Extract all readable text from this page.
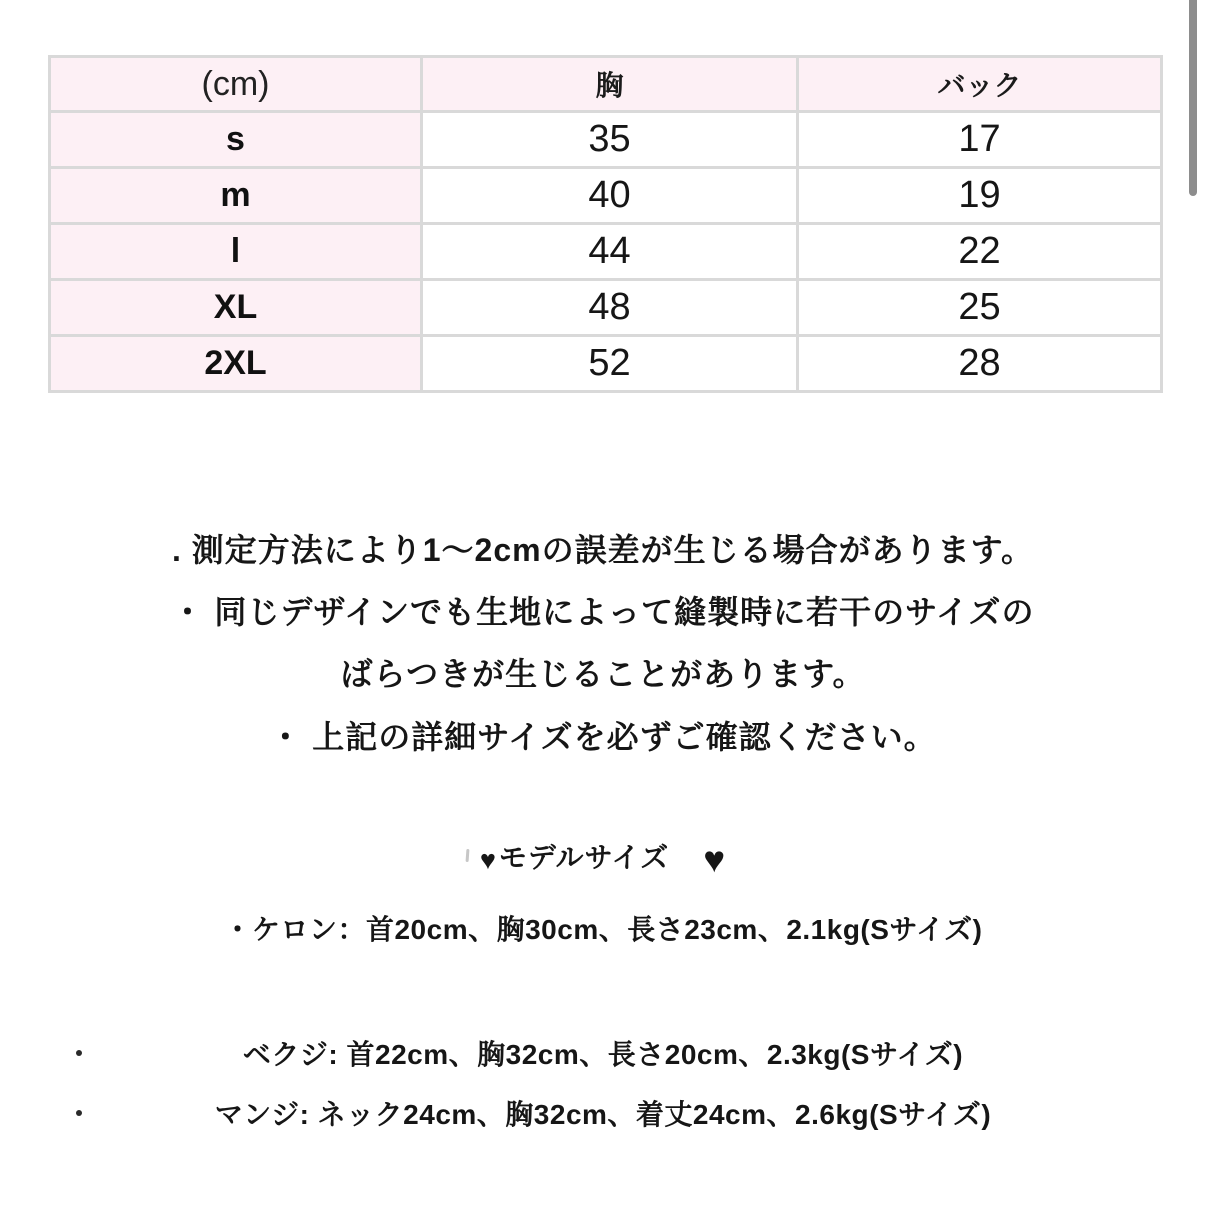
(cm)	胸	バック
s	35	17
m	40	19
l	44	22
XL	48	25
2XL	52	28
. 測定方法により1〜2cmの誤差が生じる場合があります。
・ 同じデザインでも生地によって縫製時に若干のサイズの
ばらつきが生じることがあります。
・ 上記の詳細サイズを必ずご確認ください。
♥モデルサイズ ♥
・ケロン：首20cm、胸30cm、長さ23cm、2.1kg(Sサイズ)
ベクジ: 首22cm、胸32cm、長さ20cm、2.3kg(Sサイズ)
マンジ: ネック24cm、胸32cm、着丈24cm、2.6kg(Sサイズ)
